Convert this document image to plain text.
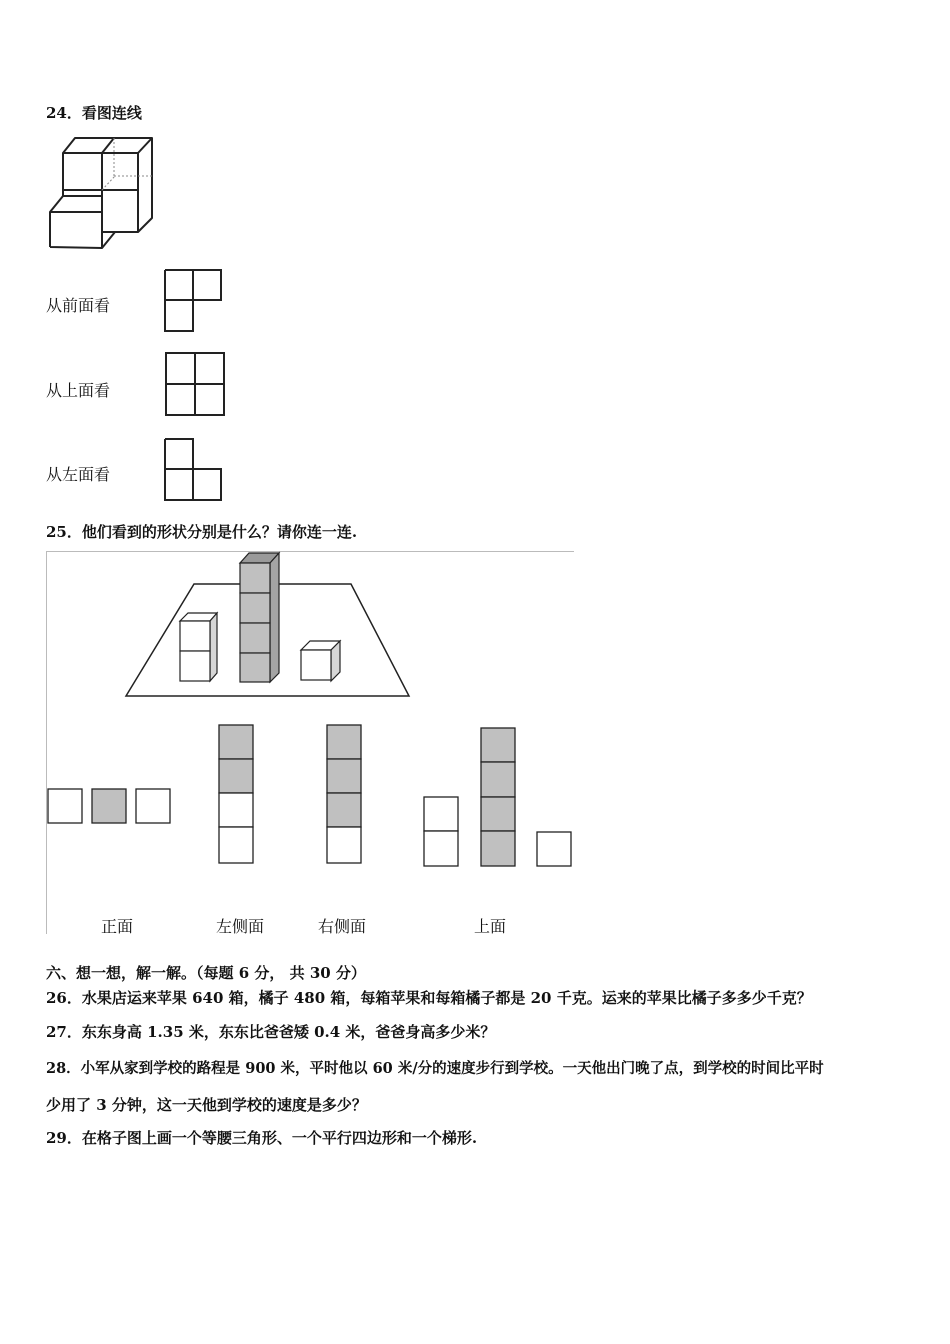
24．看图连线
从前面看
从上面看
从左面看
25．他们看到的形状分别是什么？请你连一连.
正面	左侧面	右侧面	上面
六、想一想，解一解。（每题 6 分， 共 30 分）
26．水果店运来苹果 640 箱，橘子 480 箱，每箱苹果和每箱橘子都是 20 千克。运来的苹果比橘子多多少千克？
27．东东身高 1.35 米，东东比爸爸矮 0.4 米，爸爸身高多少米？
28．小军从家到学校的路程是 900 米，平时他以 60 米/分的速度步行到学校。一天他出门晚了点，到学校的时间比平时
少用了 3 分钟，这一天他到学校的速度是多少？
29．在格子图上画一个等腰三角形、一个平行四边形和一个梯形.
